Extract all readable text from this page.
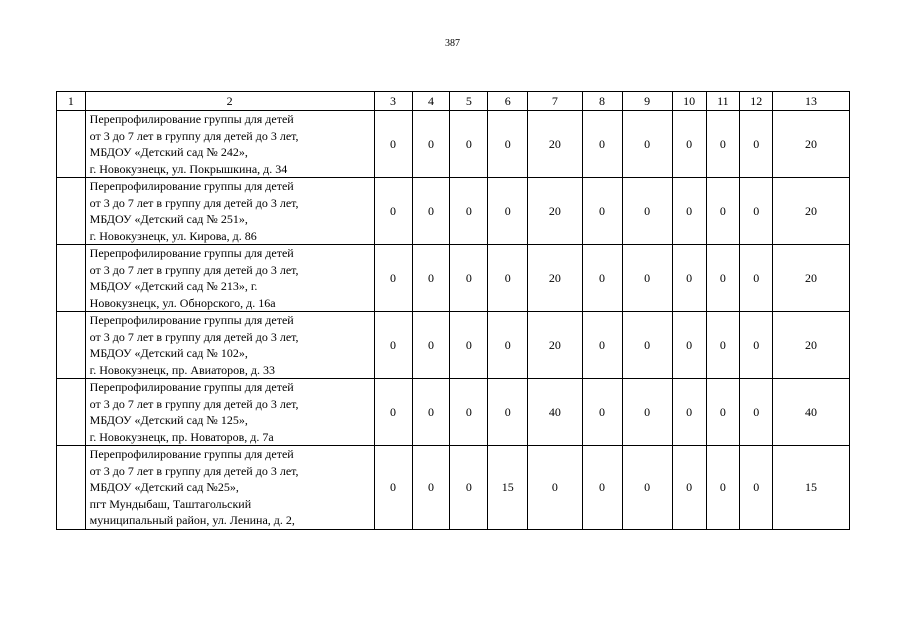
387
1	2	3	4	5	6	7	8	9	10	11	12	13
	Перепрофилирование группы для детей
от 3 до 7 лет в группу для детей до 3 лет,
МБДОУ «Детский сад № 242»,
г. Новокузнецк, ул. Покрышкина, д. 34	0	0	0	0	20	0	0	0	0	0	20
	Перепрофилирование группы для детей
от 3 до 7 лет в группу для детей до 3 лет,
МБДОУ «Детский сад № 251»,
г. Новокузнецк, ул. Кирова, д. 86	0	0	0	0	20	0	0	0	0	0	20
	Перепрофилирование группы для детей
от 3 до 7 лет в группу для детей до 3 лет,
МБДОУ «Детский сад № 213», г.
Новокузнецк, ул. Обнорского, д. 16а	0	0	0	0	20	0	0	0	0	0	20
	Перепрофилирование группы для детей
от 3 до 7 лет в группу для детей до 3 лет,
МБДОУ «Детский сад № 102»,
г. Новокузнецк, пр. Авиаторов, д. 33	0	0	0	0	20	0	0	0	0	0	20
	Перепрофилирование группы для детей
от 3 до 7 лет в группу для детей до 3 лет,
МБДОУ «Детский сад № 125»,
г. Новокузнецк, пр. Новаторов, д. 7а	0	0	0	0	40	0	0	0	0	0	40
	Перепрофилирование группы для детей
от 3 до 7 лет в группу для детей до 3 лет,
МБДОУ «Детский сад №25»,
пгт Мундыбаш, Таштагольский
муниципальный район, ул. Ленина, д. 2,	0	0	0	15	0	0	0	0	0	0	15
